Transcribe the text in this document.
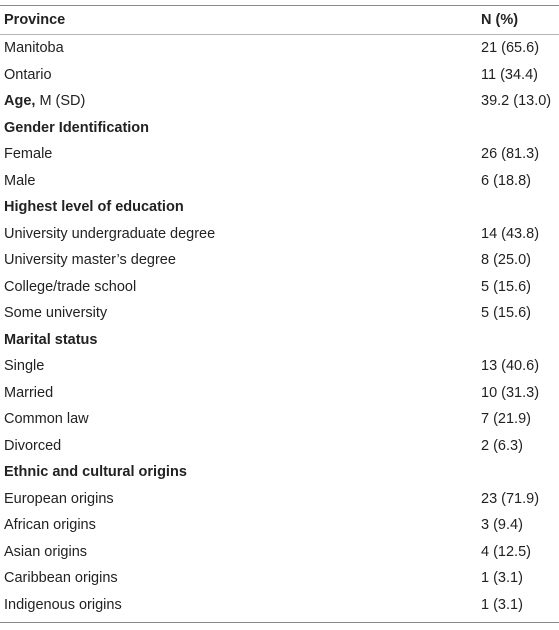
Province	N (%)
Manitoba	21 (65.6)
Ontario	11 (34.4)
Age, M (SD)	39.2 (13.0)
Gender Identification
Female	26 (81.3)
Male	6 (18.8)
Highest level of education
University undergraduate degree	14 (43.8)
University master’s degree	8 (25.0)
College/trade school	5 (15.6)
Some university	5 (15.6)
Marital status
Single	13 (40.6)
Married	10 (31.3)
Common law	7 (21.9)
Divorced	2 (6.3)
Ethnic and cultural origins
European origins	23 (71.9)
African origins	3 (9.4)
Asian origins	4 (12.5)
Caribbean origins	1 (3.1)
Indigenous origins	1 (3.1)
